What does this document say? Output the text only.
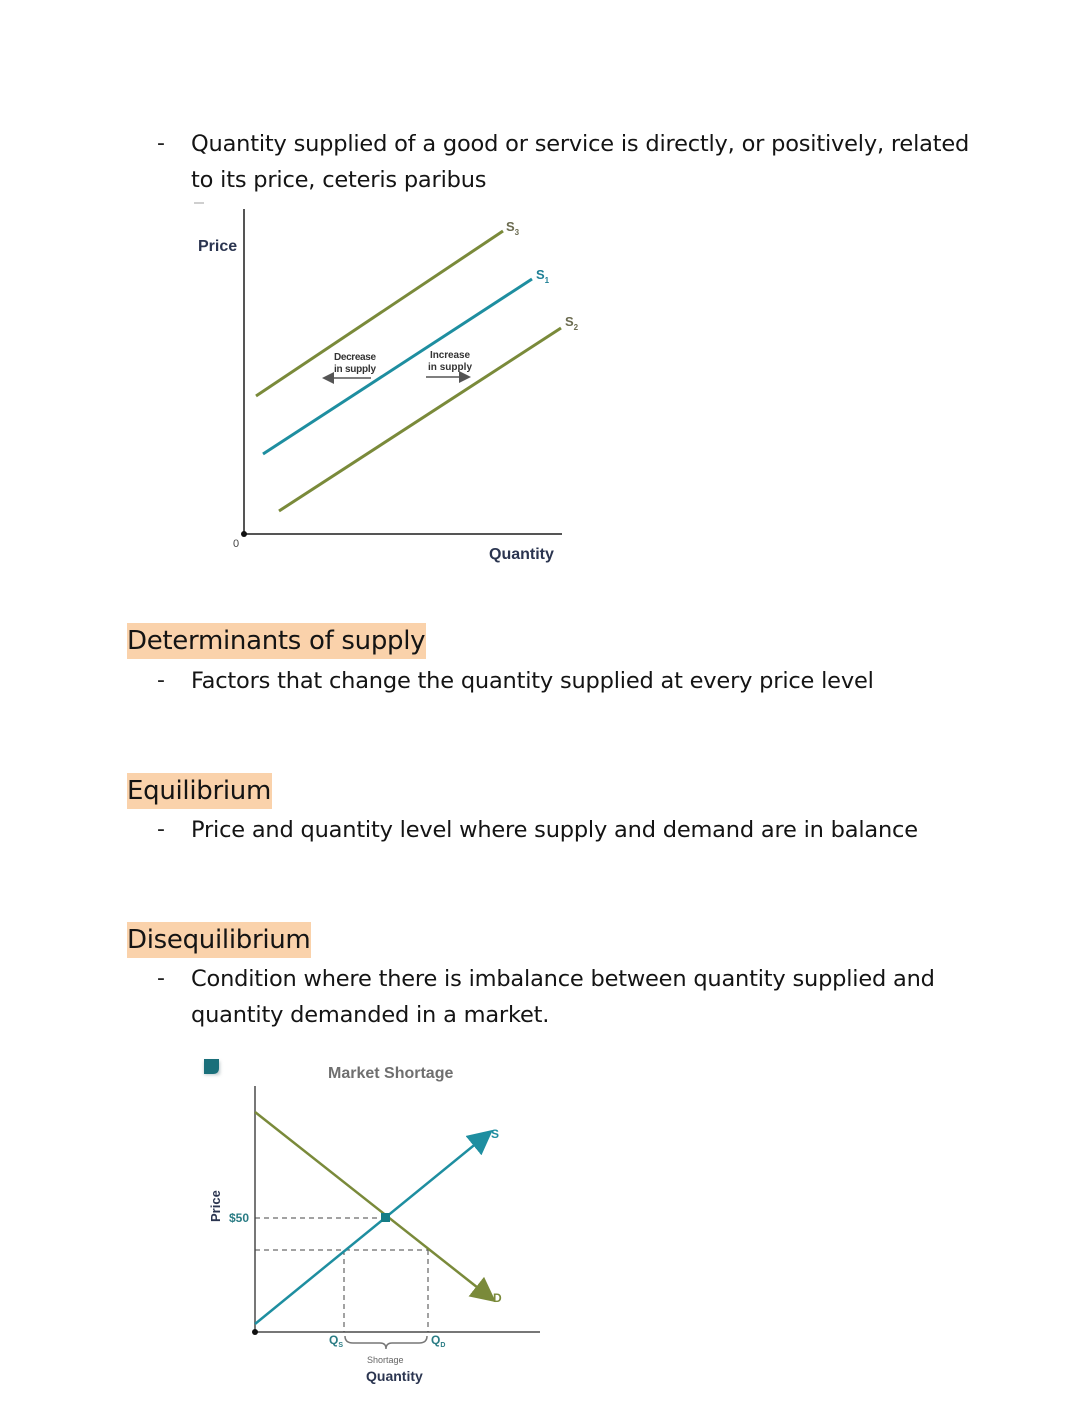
- Quantity supplied of a good or service is directly, or positively, related
to its price, ceteris paribus
0
Price
Quantity
$S_3$
$S_1$
$S_2$
Decrease
in supply
Increase
in supply
Determinants of supply
- Factors that change the quantity supplied at every price level
Equilibrium
- Price and quantity level where supply and demand are in balance
Disequilibrium
- Condition where there is imbalance between quantity supplied and
quantity demanded in a market.
Market Shortage
Price $50
D
S
$Q_S$	$Q_D$
Shortage
Quantity
